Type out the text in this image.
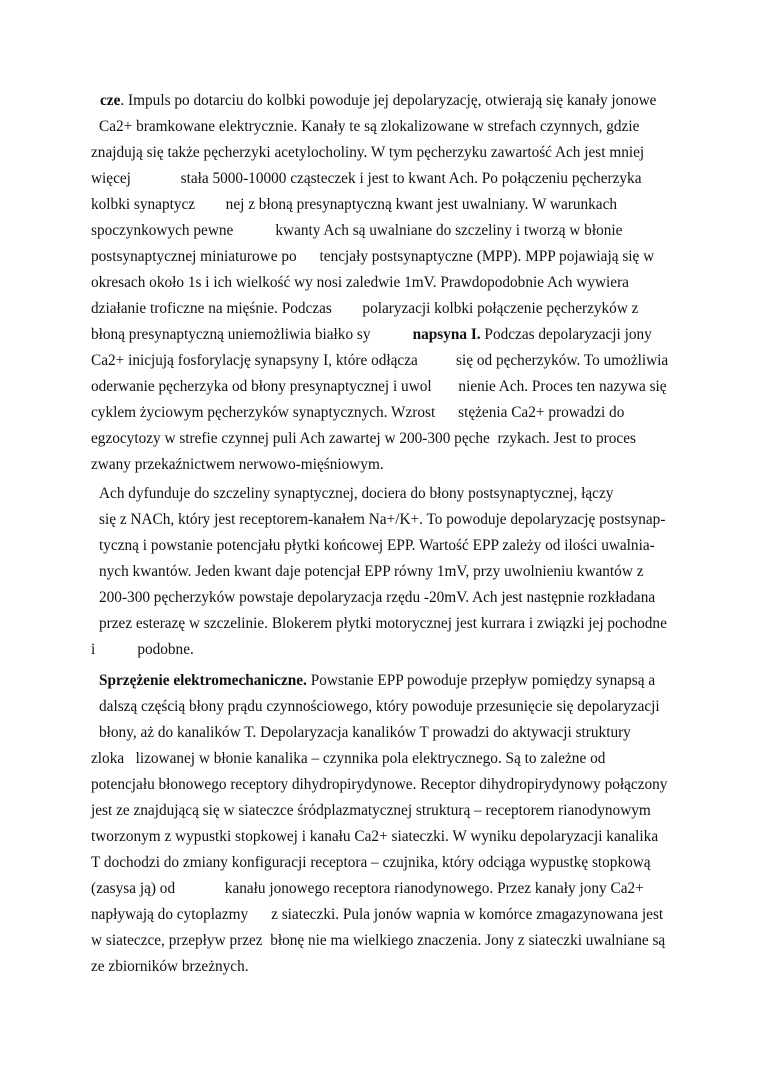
cze. Impuls po dotarciu do kolbki powoduje jej depolaryzację, otwierają się kanały jonowe
Ca2+ bramkowane elektrycznie. Kanały te są zlokalizowane w strefach czynnych, gdzie
znajdują się także pęcherzyki acetylocholiny. W tym pęcherzyku zawartość Ach jest mniej
więcej             stała 5000-10000 cząsteczek i jest to kwant Ach. Po połączeniu pęcherzyka
kolbki synaptycz        nej z błoną presynaptyczną kwant jest uwalniany. W warunkach
spoczynkowych pewne           kwanty Ach są uwalniane do szczeliny i tworzą w błonie
postsynaptycznej miniaturowe po      tencjały postsynaptyczne (MPP). MPP pojawiają się w
okresach około 1s i ich wielkość wy nosi zaledwie 1mV. Prawdopodobnie Ach wywiera
działanie troficzne na mięśnie. Podczas        polaryzacji kolbki połączenie pęcherzyków z
błoną presynaptyczną uniemożliwia białko sy           napsyna I. Podczas depolaryzacji jony
Ca2+ inicjują fosforylację synapsyny I, które odłącza          się od pęcherzyków. To umożliwia
oderwanie pęcherzyka od błony presynaptycznej i uwol       nienie Ach. Proces ten nazywa się
cyklem życiowym pęcherzyków synaptycznych. Wzrost      stężenia Ca2+ prowadzi do
egzocytozy w strefie czynnej puli Ach zawartej w 200-300 pęche  rzykach. Jest to proces
zwany przekaźnictwem nerwowo-mięśniowym.
Ach dyfunduje do szczeliny synaptycznej, dociera do błony postsynaptycznej, łączy
się z NACh, który jest receptorem-kanałem Na+/K+. To powoduje depolaryzację postsynap-
tyczną i powstanie potencjału płytki końcowej EPP. Wartość EPP zależy od ilości uwalnia-
nych kwantów. Jeden kwant daje potencjał EPP równy 1mV, przy uwolnieniu kwantów z
200-300 pęcherzyków powstaje depolaryzacja rzędu -20mV. Ach jest następnie rozkładana
przez esterazę w szczelinie. Blokerem płytki motorycznej jest kurrara i związki jej pochodne
i           podobne.
Sprzężenie elektromechaniczne. Powstanie EPP powoduje przepływ pomiędzy synapsą a
dalszą częścią błony prądu czynnościowego, który powoduje przesunięcie się depolaryzacji
błony, aż do kanalików T. Depolaryzacja kanalików T prowadzi do aktywacji struktury
zloka   lizowanej w błonie kanalika – czynnika pola elektrycznego. Są to zależne od
potencjału błonowego receptory dihydropirydynowe. Receptor dihydropirydynowy połączony
jest ze znajdującą się w siateczce śródplazmatycznej strukturą – receptorem rianodynowym
tworzonym z wypustki stopkowej i kanału Ca2+ siateczki. W wyniku depolaryzacji kanalika
T dochodzi do zmiany konfiguracji receptora – czujnika, który odciąga wypustkę stopkową
(zasysa ją) od             kanału jonowego receptora rianodynowego. Przez kanały jony Ca2+
napływają do cytoplazmy      z siateczki. Pula jonów wapnia w komórce zmagazynowana jest
w siateczce, przepływ przez  błonę nie ma wielkiego znaczenia. Jony z siateczki uwalniane są
ze zbiorników brzeżnych.
